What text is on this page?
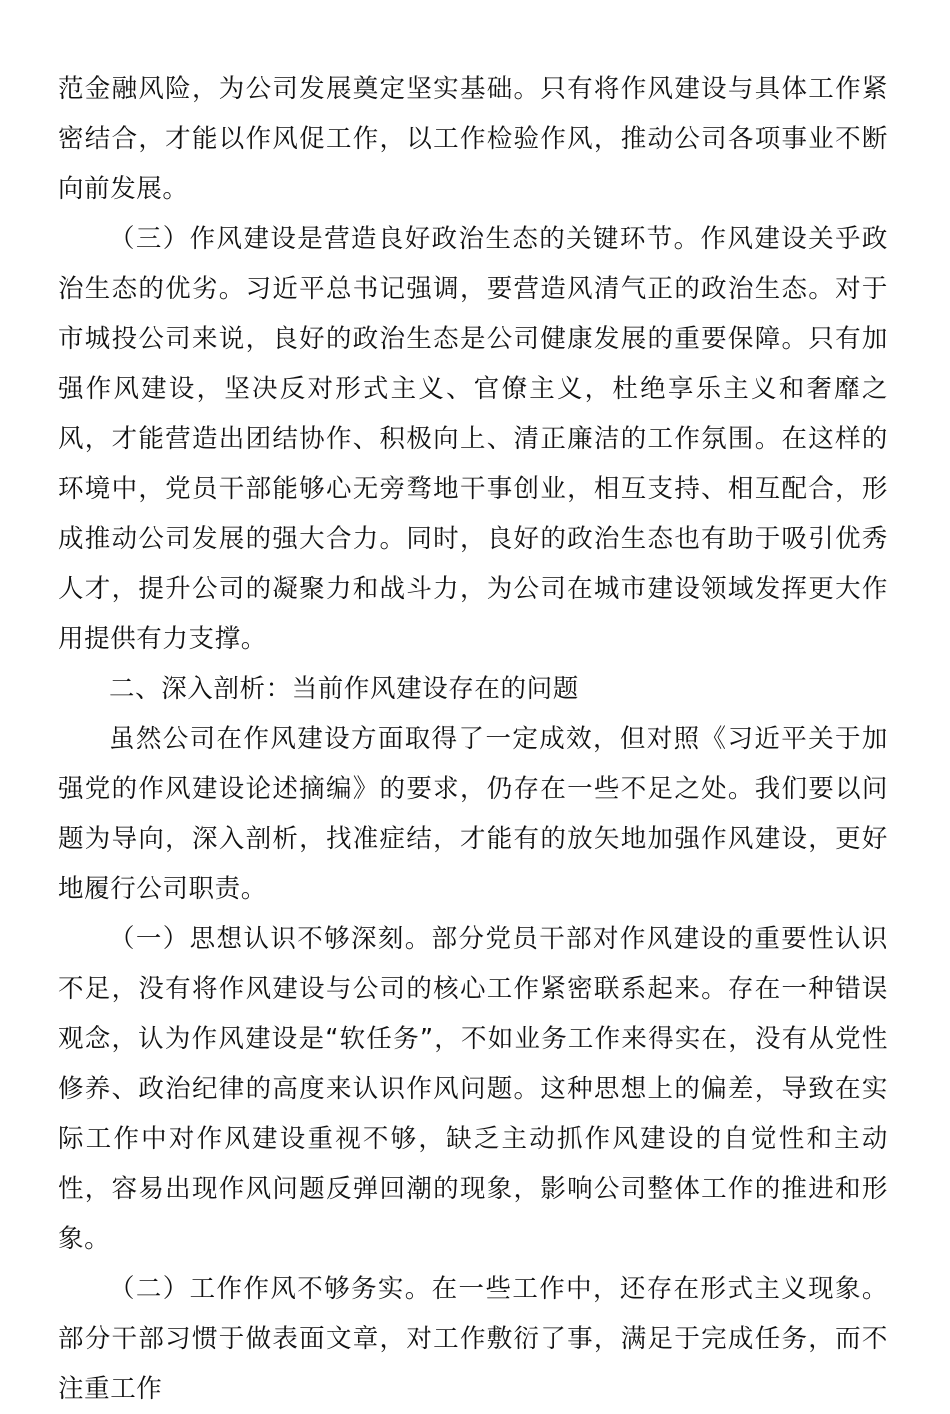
范金融风险，为公司发展奠定坚实基础。只有将作风建设与具体工作紧密结合，才能以作风促工作，以工作检验作风，推动公司各项事业不断向前发展。

（三）作风建设是营造良好政治生态的关键环节。作风建设关乎政治生态的优劣。习近平总书记强调，要营造风清气正的政治生态。对于市城投公司来说，良好的政治生态是公司健康发展的重要保障。只有加强作风建设，坚决反对形式主义、官僚主义，杜绝享乐主义和奢靡之风，才能营造出团结协作、积极向上、清正廉洁的工作氛围。在这样的环境中，党员干部能够心无旁骛地干事创业，相互支持、相互配合，形成推动公司发展的强大合力。同时，良好的政治生态也有助于吸引优秀人才，提升公司的凝聚力和战斗力，为公司在城市建设领域发挥更大作用提供有力支撑。

二、深入剖析：当前作风建设存在的问题

虽然公司在作风建设方面取得了一定成效，但对照《习近平关于加强党的作风建设论述摘编》的要求，仍存在一些不足之处。我们要以问题为导向，深入剖析，找准症结，才能有的放矢地加强作风建设，更好地履行公司职责。

（一）思想认识不够深刻。部分党员干部对作风建设的重要性认识不足，没有将作风建设与公司的核心工作紧密联系起来。存在一种错误观念，认为作风建设是“软任务”，不如业务工作来得实在，没有从党性修养、政治纪律的高度来认识作风问题。这种思想上的偏差，导致在实际工作中对作风建设重视不够，缺乏主动抓作风建设的自觉性和主动性，容易出现作风问题反弹回潮的现象，影响公司整体工作的推进和形象。

（二）工作作风不够务实。在一些工作中，还存在形式主义现象。部分干部习惯于做表面文章，对工作敷衍了事，满足于完成任务，而不注重工作
